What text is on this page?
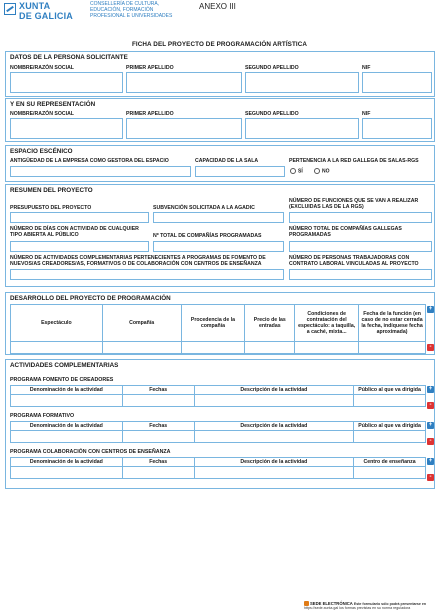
XUNTA
DE GALICIA
CONSELLERÍA DE CULTURA,
EDUCACIÓN, FORMACIÓN
PROFESIONAL E UNIVERSIDADES
ANEXO III
FICHA DEL PROYECTO DE PROGRAMACIÓN ARTÍSTICA
DATOS DE LA PERSONA SOLICITANTE
NOMBRE/RAZÓN SOCIAL	PRIMER APELLIDO	SEGUNDO APELLIDO	NIF
Y EN SU REPRESENTACIÓN
NOMBRE/RAZÓN SOCIAL	PRIMER APELLIDO	SEGUNDO APELLIDO	NIF
ESPACIO ESCÉNICO
ANTIGÜEDAD DE LA EMPRESA COMO GESTORA DEL ESPACIO	CAPACIDAD DE LA SALA	PERTENENCIA A LA RED GALLEGA DE SALAS-RGS
SÍ	NO
RESUMEN DEL PROYECTO
PRESUPUESTO DEL PROYECTO	SUBVENCIÓN SOLICITADA A LA AGADIC
NÚMERO DE FUNCIONES QUE SE VAN A REALIZAR (EXCLUIDAS LAS DE LA RGS)
NÚMERO DE DÍAS CON ACTIVIDAD DE CUALQUIER TIPO ABIERTA AL PÚBLICO	Nº TOTAL DE COMPAÑÍAS PROGRAMADAS
NÚMERO TOTAL DE COMPAÑÍAS GALLEGAS PROGRAMADAS
NÚMERO DE ACTIVIDADES COMPLEMENTARIAS PERTENECIENTES A PROGRAMAS DE FOMENTO DE NUEVOS/AS CREADORES/AS, FORMATIVOS O DE COLABORACIÓN CON CENTROS DE ENSEÑANZA
NÚMERO DE PERSONAS TRABAJADORAS CON CONTRATO LABORAL VINCULADAS AL PROYECTO
DESARROLLO DEL PROYECTO DE PROGRAMACIÓN
Espectáculo	Compañía	Procedencia de la compañía	Precio de las entradas	Condiciones de contratación del espectáculo: a taquilla, a caché, mixta...	Fecha de la función (en caso de no estar cerrada la fecha, indíquese fecha aproximada)

+
-
ACTIVIDADES COMPLEMENTARIAS
PROGRAMA FOMENTO DE CREADORES
Denominación de la actividad	Fechas	Descripción de la actividad	Público al que va dirigida
			+
-
PROGRAMA FORMATIVO
Denominación de la actividad	Fechas	Descripción de la actividad	Público al que va dirigida
			+
-
PROGRAMA COLABORACIÓN CON CENTROS DE ENSEÑANZA
Denominación de la actividad	Fechas	Descripción de la actividad	Centro de enseñanza
			+
-
SEDE ELECTRÓNICA Este formulario sólo podrá presentarse en
https://sede.xunta.gal los formas previstas en su norma reguladora
